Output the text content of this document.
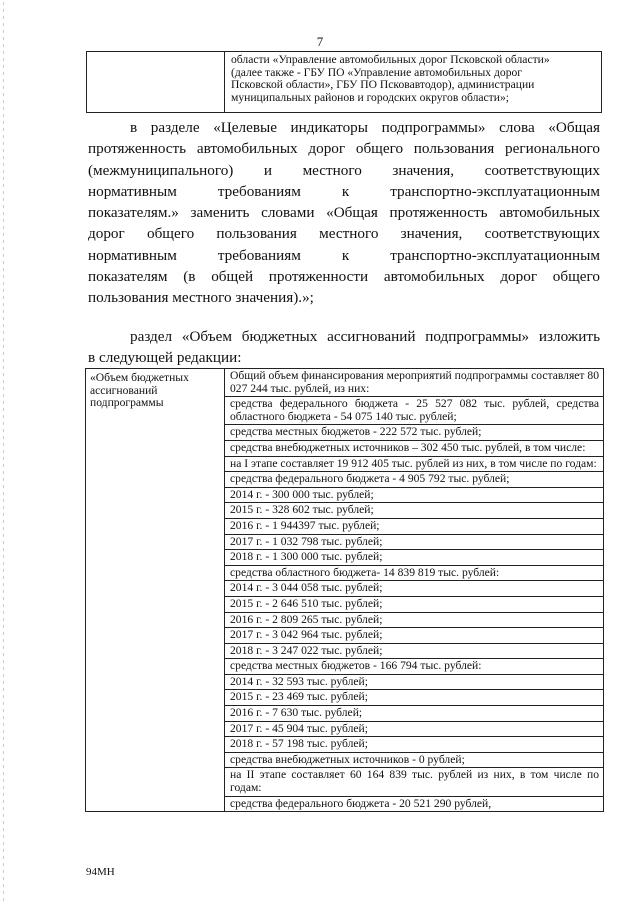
7

области «Управление автомобильных дорог Псковской области»
(далее также - ГБУ ПО «Управление автомобильных дорог
Псковской области», ГБУ ПО Псковавтодор), администрации
муниципальных районов и городских округов области»;
в разделе «Целевые индикаторы подпрограммы» слова «Общая
протяженность автомобильных дорог общего пользования регионального
(межмуниципального) и местного значения, соответствующих
нормативным требованиям к транспортно-эксплуатационным
показателям.» заменить словами «Общая протяженность автомобильных
дорог общего пользования местного значения, соответствующих
нормативным требованиям к транспортно-эксплуатационным
показателям (в общей протяженности автомобильных дорог общего
пользования местного значения).»;
раздел «Объем бюджетных ассигнований подпрограммы» изложить
в следующей редакции:
«Объем бюджетных
ассигнований
подпрограммы

Общий объем финансирования мероприятий подпрограммы составляет 80 027 244 тыс. рублей, из них:
средства федерального бюджета - 25 527 082 тыс. рублей, средства областного бюджета - 54 075 140 тыс. рублей;
средства местных бюджетов - 222 572 тыс. рублей;
средства внебюджетных источников – 302 450 тыс. рублей, в том числе:
на I этапе составляет 19 912 405 тыс. рублей из них, в том числе по годам:
средства федерального бюджета - 4 905 792 тыс. рублей;
2014 г. - 300 000 тыс. рублей;
2015 г. - 328 602 тыс. рублей;
2016 г. - 1 944397 тыс. рублей;
2017 г. - 1 032 798 тыс. рублей;
2018 г. - 1 300 000 тыс. рублей;
средства областного бюджета- 14 839 819 тыс. рублей:
2014 г. - 3 044 058 тыс. рублей;
2015 г. - 2 646 510 тыс. рублей;
2016 г. - 2 809 265 тыс. рублей;
2017 г. - 3 042 964 тыс. рублей;
2018 г. - 3 247 022 тыс. рублей;
средства местных бюджетов - 166 794 тыс. рублей:
2014 г. - 32 593 тыс. рублей;
2015 г. - 23 469 тыс. рублей;
2016 г. - 7 630 тыс. рублей;
2017 г. - 45 904 тыс. рублей;
2018 г. - 57 198 тыс. рублей;
средства внебюджетных источников - 0 рублей;
на II этапе составляет 60 164 839 тыс. рублей из них, в том числе по годам:
средства федерального бюджета - 20 521 290 рублей,
94МН
